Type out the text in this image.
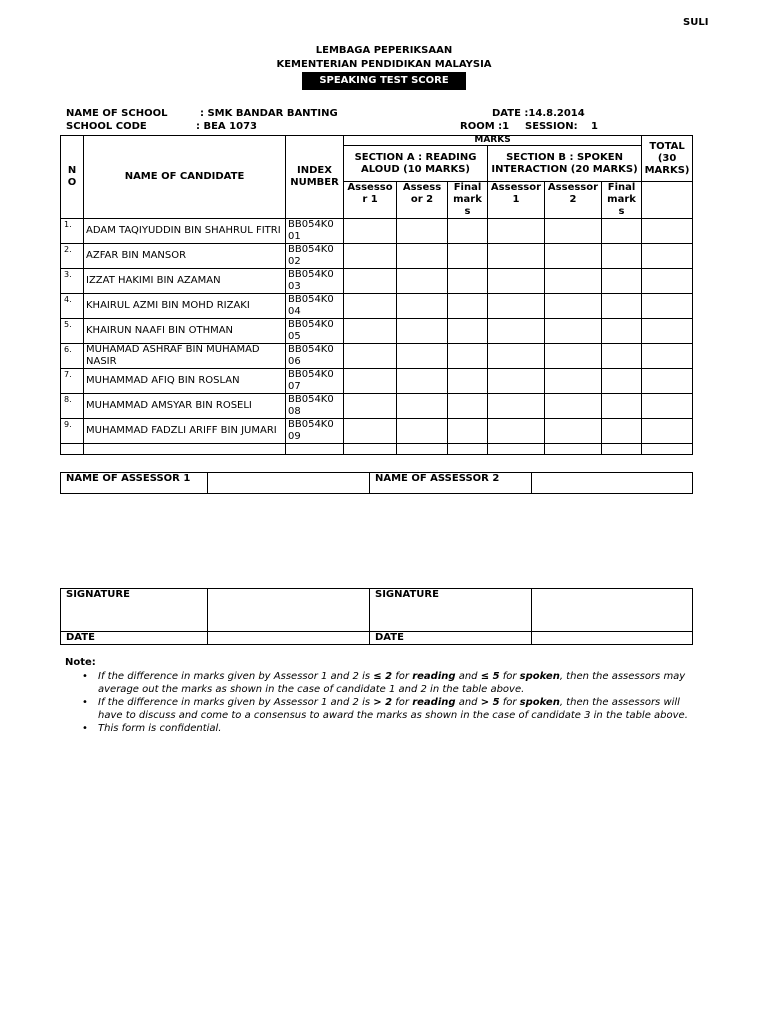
SULI
LEMBAGA PEPERIKSAAN
KEMENTERIAN PENDIDIKAN MALAYSIA
SPEAKING TEST SCORE
NAME OF SCHOOL	: SMK BANDAR BANTING
SCHOOL CODE	: BEA 1073
DATE :14.8.2014
ROOM :1 SESSION: 1
N O	NAME OF CANDIDATE	INDEX NUMBER	MARKS						TOTAL (30 MARKS)
			SECTION A : READING ALOUD (10 MARKS)			SECTION B : SPOKEN INTERACTION (20 MARKS)			
			Assesso r 1	Assess or 2	Final mark s	Assessor 1	Assessor 2	Final mark s	
1.	ADAM TAQIYUDDIN BIN SHAHRUL FITRI	BB054K0 01							
2.	AZFAR BIN MANSOR	BB054K0 02							
3.	IZZAT HAKIMI BIN AZAMAN	BB054K0 03							
4.	KHAIRUL AZMI BIN MOHD RIZAKI	BB054K0 04							
5.	KHAIRUN NAAFI BIN OTHMAN	BB054K0 05							
6.	MUHAMAD ASHRAF BIN MUHAMAD NASIR	BB054K0 06							
7.	MUHAMMAD AFIQ BIN ROSLAN	BB054K0 07							
8.	MUHAMMAD AMSYAR BIN ROSELI	BB054K0 08							
9.	MUHAMMAD FADZLI ARIFF BIN JUMARI	BB054K0 09							

NAME OF ASSESSOR 1		NAME OF ASSESSOR 2	
SIGNATURE		SIGNATURE	
DATE		DATE	
Note:
• If the difference in marks given by Assessor 1 and 2 is ≤ 2 for reading and ≤ 5 for spoken, then the assessors may average out the marks as shown in the case of candidate 1 and 2 in the table above.
• If the difference in marks given by Assessor 1 and 2 is > 2 for reading and > 5 for spoken, then the assessors will have to discuss and come to a consensus to award the marks as shown in the case of candidate 3 in the table above.
• This form is confidential.
